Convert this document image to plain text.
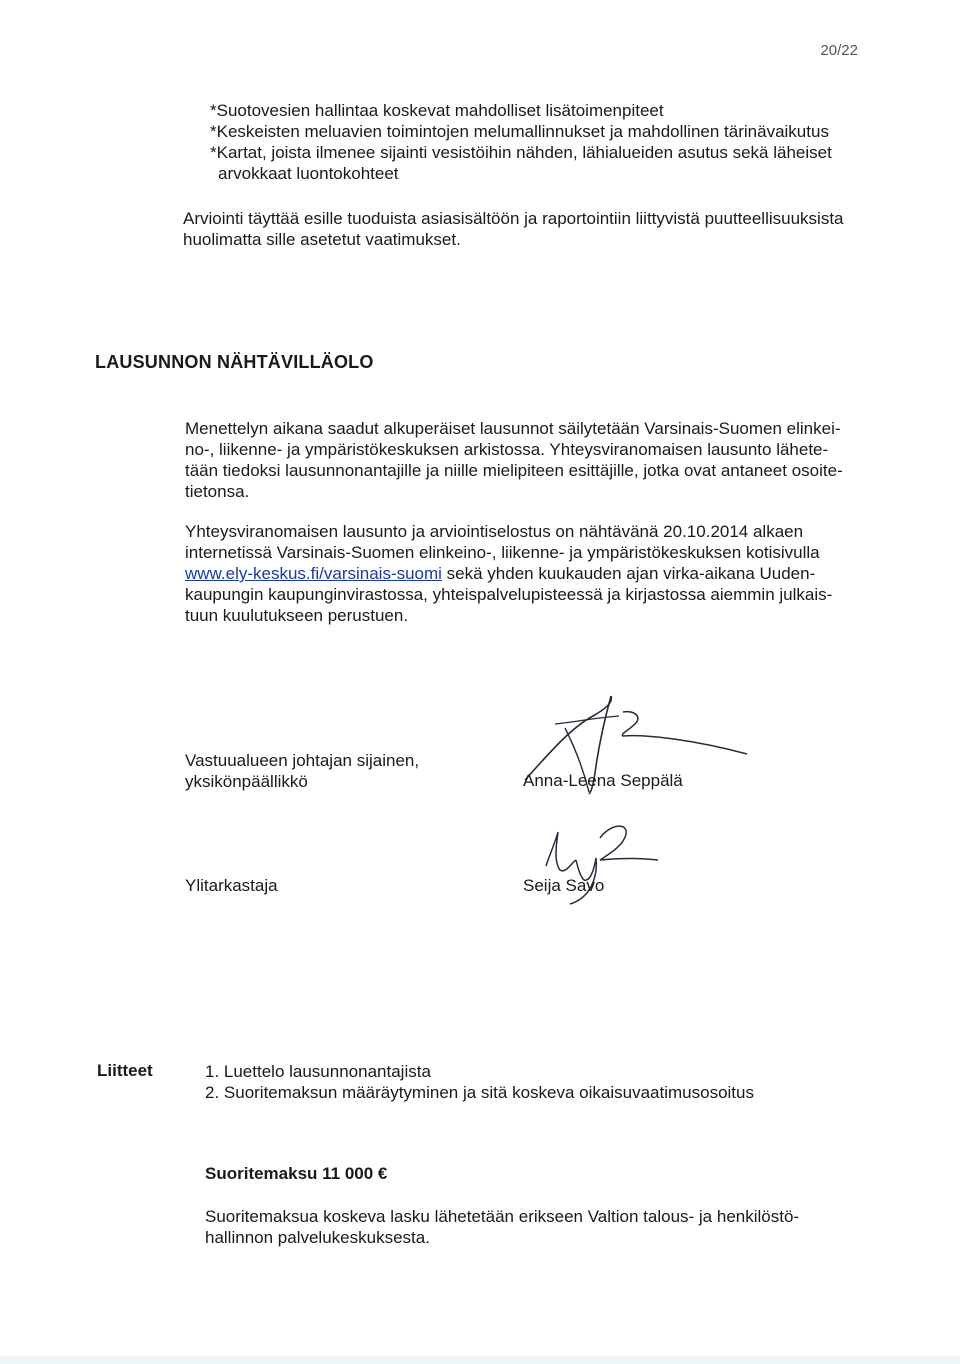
20/22
*Suotovesien hallintaa koskevat mahdolliset lisätoimenpiteet
*Keskeisten meluavien toimintojen melumallinnukset ja mahdollinen tärinävaikutus
*Kartat, joista ilmenee sijainti vesistöihin nähden, lähialueiden asutus sekä läheiset
arvokkaat luontokohteet
Arviointi täyttää esille tuoduista asiasisältöön ja raportointiin liittyvistä puutteellisuuksista
huolimatta sille asetetut vaatimukset.
LAUSUNNON NÄHTÄVILLÄOLO
Menettelyn aikana saadut alkuperäiset lausunnot säilytetään Varsinais-Suomen elinkei-
no-, liikenne- ja ympäristökeskuksen arkistossa. Yhteysviranomaisen lausunto lähete-
tään tiedoksi lausunnonantajille ja niille mielipiteen esittäjille, jotka ovat antaneet osoite-
tietonsa.
Yhteysviranomaisen lausunto ja arviointiselostus on nähtävänä 20.10.2014 alkaen
internetissä Varsinais-Suomen elinkeino-, liikenne- ja ympäristökeskuksen kotisivulla
www.ely-keskus.fi/varsinais-suomi sekä yhden kuukauden ajan virka-aikana Uuden-
kaupungin kaupunginvirastossa, yhteispalvelupisteessä ja kirjastossa aiemmin julkais-
tuun kuulutukseen perustuen.
Vastuualueen johtajan sijainen,
yksikönpäällikkö	Anna-Leena Seppälä
Ylitarkastaja	Seija Savo
Liitteet	1. Luettelo lausunnonantajista
2. Suoritemaksun määräytyminen ja sitä koskeva oikaisuvaatimusosoitus
Suoritemaksu 11 000 €
Suoritemaksua koskeva lasku lähetetään erikseen Valtion talous- ja henkilöstö-
hallinnon palvelukeskuksesta.
